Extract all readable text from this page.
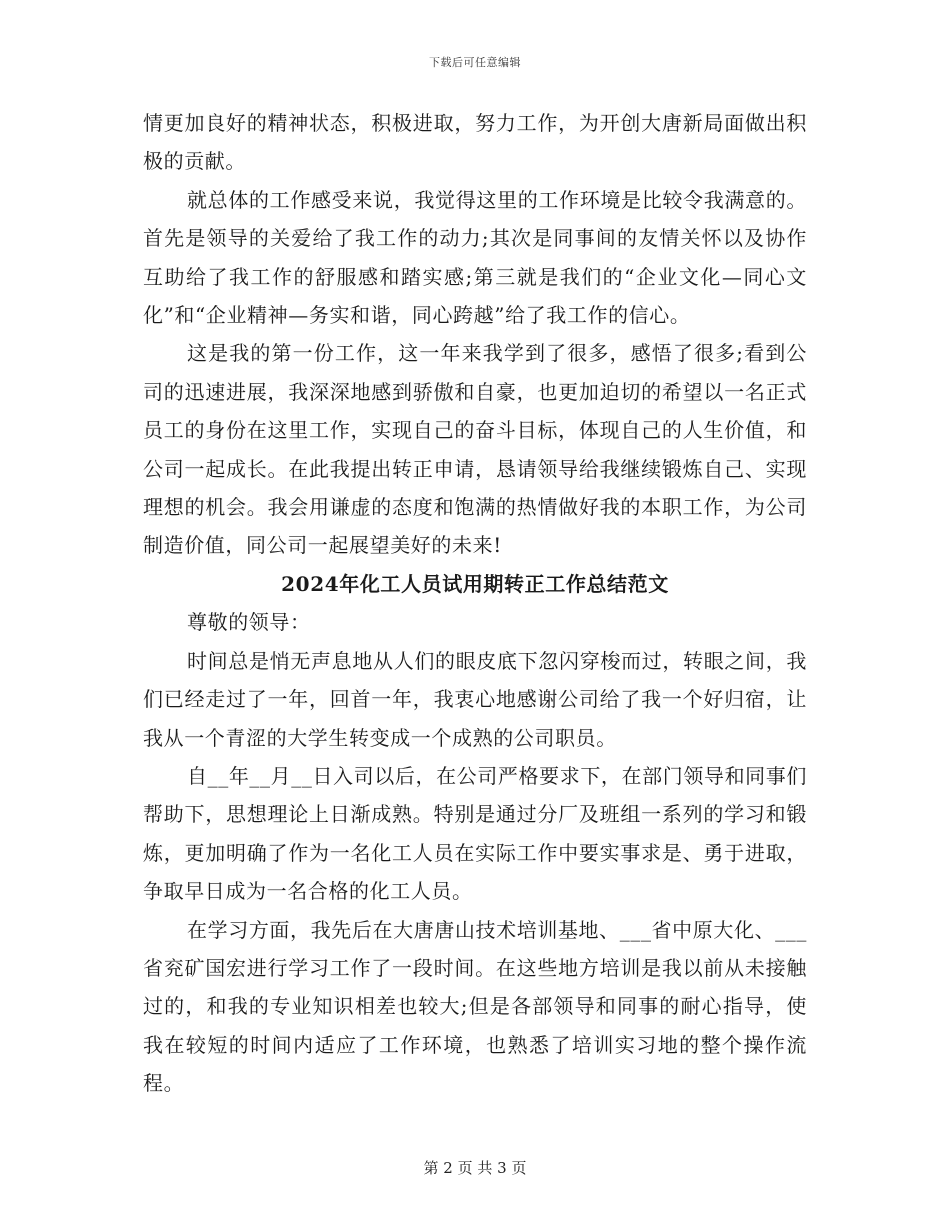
下载后可任意编辑

情更加良好的精神状态，积极进取，努力工作，为开创大唐新局面做出积极的贡献。

就总体的工作感受来说，我觉得这里的工作环境是比较令我满意的。首先是领导的关爱给了我工作的动力;其次是同事间的友情关怀以及协作互助给了我工作的舒服感和踏实感;第三就是我们的“企业文化—同心文化”和“企业精神—务实和谐，同心跨越”给了我工作的信心。

这是我的第一份工作，这一年来我学到了很多，感悟了很多;看到公司的迅速进展，我深深地感到骄傲和自豪，也更加迫切的希望以一名正式员工的身份在这里工作，实现自己的奋斗目标，体现自己的人生价值，和公司一起成长。在此我提出转正申请，恳请领导给我继续锻炼自己、实现理想的机会。我会用谦虚的态度和饱满的热情做好我的本职工作，为公司制造价值，同公司一起展望美好的未来!

2024年化工人员试用期转正工作总结范文

尊敬的领导：

时间总是悄无声息地从人们的眼皮底下忽闪穿梭而过，转眼之间，我们已经走过了一年，回首一年，我衷心地感谢公司给了我一个好归宿，让我从一个青涩的大学生转变成一个成熟的公司职员。

自__年__月__日入司以后，在公司严格要求下，在部门领导和同事们帮助下，思想理论上日渐成熟。特别是通过分厂及班组一系列的学习和锻炼，更加明确了作为一名化工人员在实际工作中要实事求是、勇于进取，争取早日成为一名合格的化工人员。

在学习方面，我先后在大唐唐山技术培训基地、___省中原大化、___省兖矿国宏进行学习工作了一段时间。在这些地方培训是我以前从未接触过的，和我的专业知识相差也较大;但是各部领导和同事的耐心指导，使我在较短的时间内适应了工作环境，也熟悉了培训实习地的整个操作流程。

第 2 页 共 3 页
